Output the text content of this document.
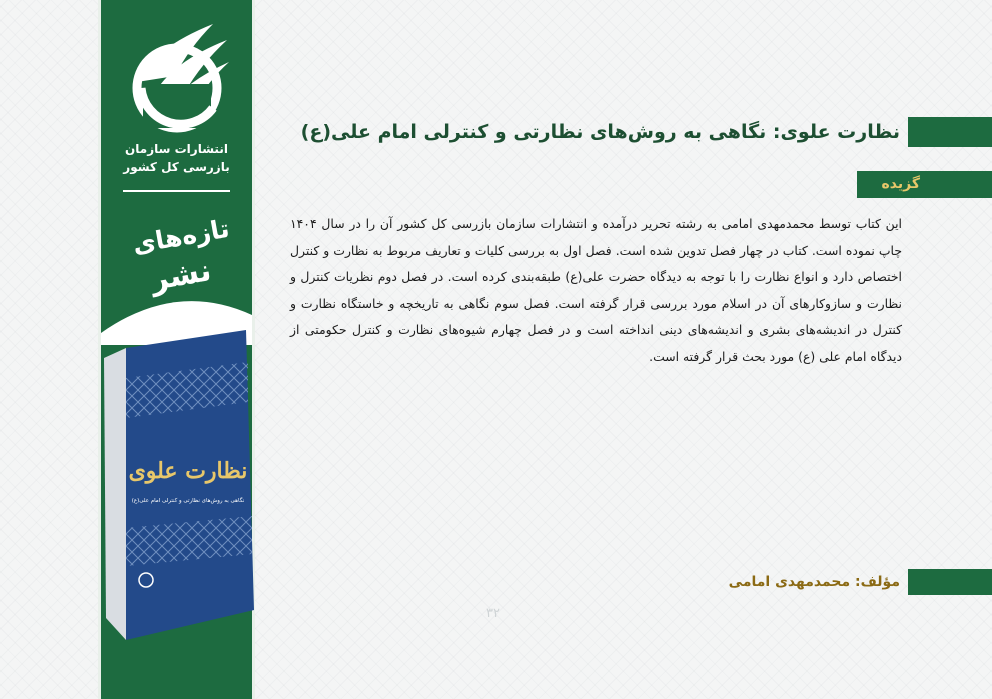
انتشارات سازمان
بازرسی کل کشور
تازه‌های
نشر
نظارت علوی
نگاهی به روش‌های نظارتی و کنترلی امام علی(ع)
نظارت علوی: نگاهی به روش‌های نظارتی و کنترلی امام علی(ع)
گزیده
این کتاب توسط محمدمهدی امامی به رشته تحریر درآمده و انتشارات سازمان بازرسی کل کشور آن را در سال ۱۴۰۴ چاپ نموده است. کتاب در چهار فصل تدوین شده است. فصل اول به بررسی کلیات و تعاریف مربوط به نظارت و کنترل اختصاص دارد و انواع نظارت را با توجه به دیدگاه حضرت علی(ع) طبقه‌بندی کرده است. در فصل دوم نظریات کنترل و نظارت و سازوکارهای آن در اسلام مورد بررسی قرار گرفته است. فصل سوم نگاهی به تاریخچه و خاستگاه نظارت و کنترل در اندیشه‌های بشری و اندیشه‌های دینی انداخته است و در فصل چهارم شیوه‌های نظارت و کنترل حکومتی از دیدگاه امام علی (ع) مورد بحث قرار گرفته است.
مؤلف: محمدمهدی امامی
۳۲
